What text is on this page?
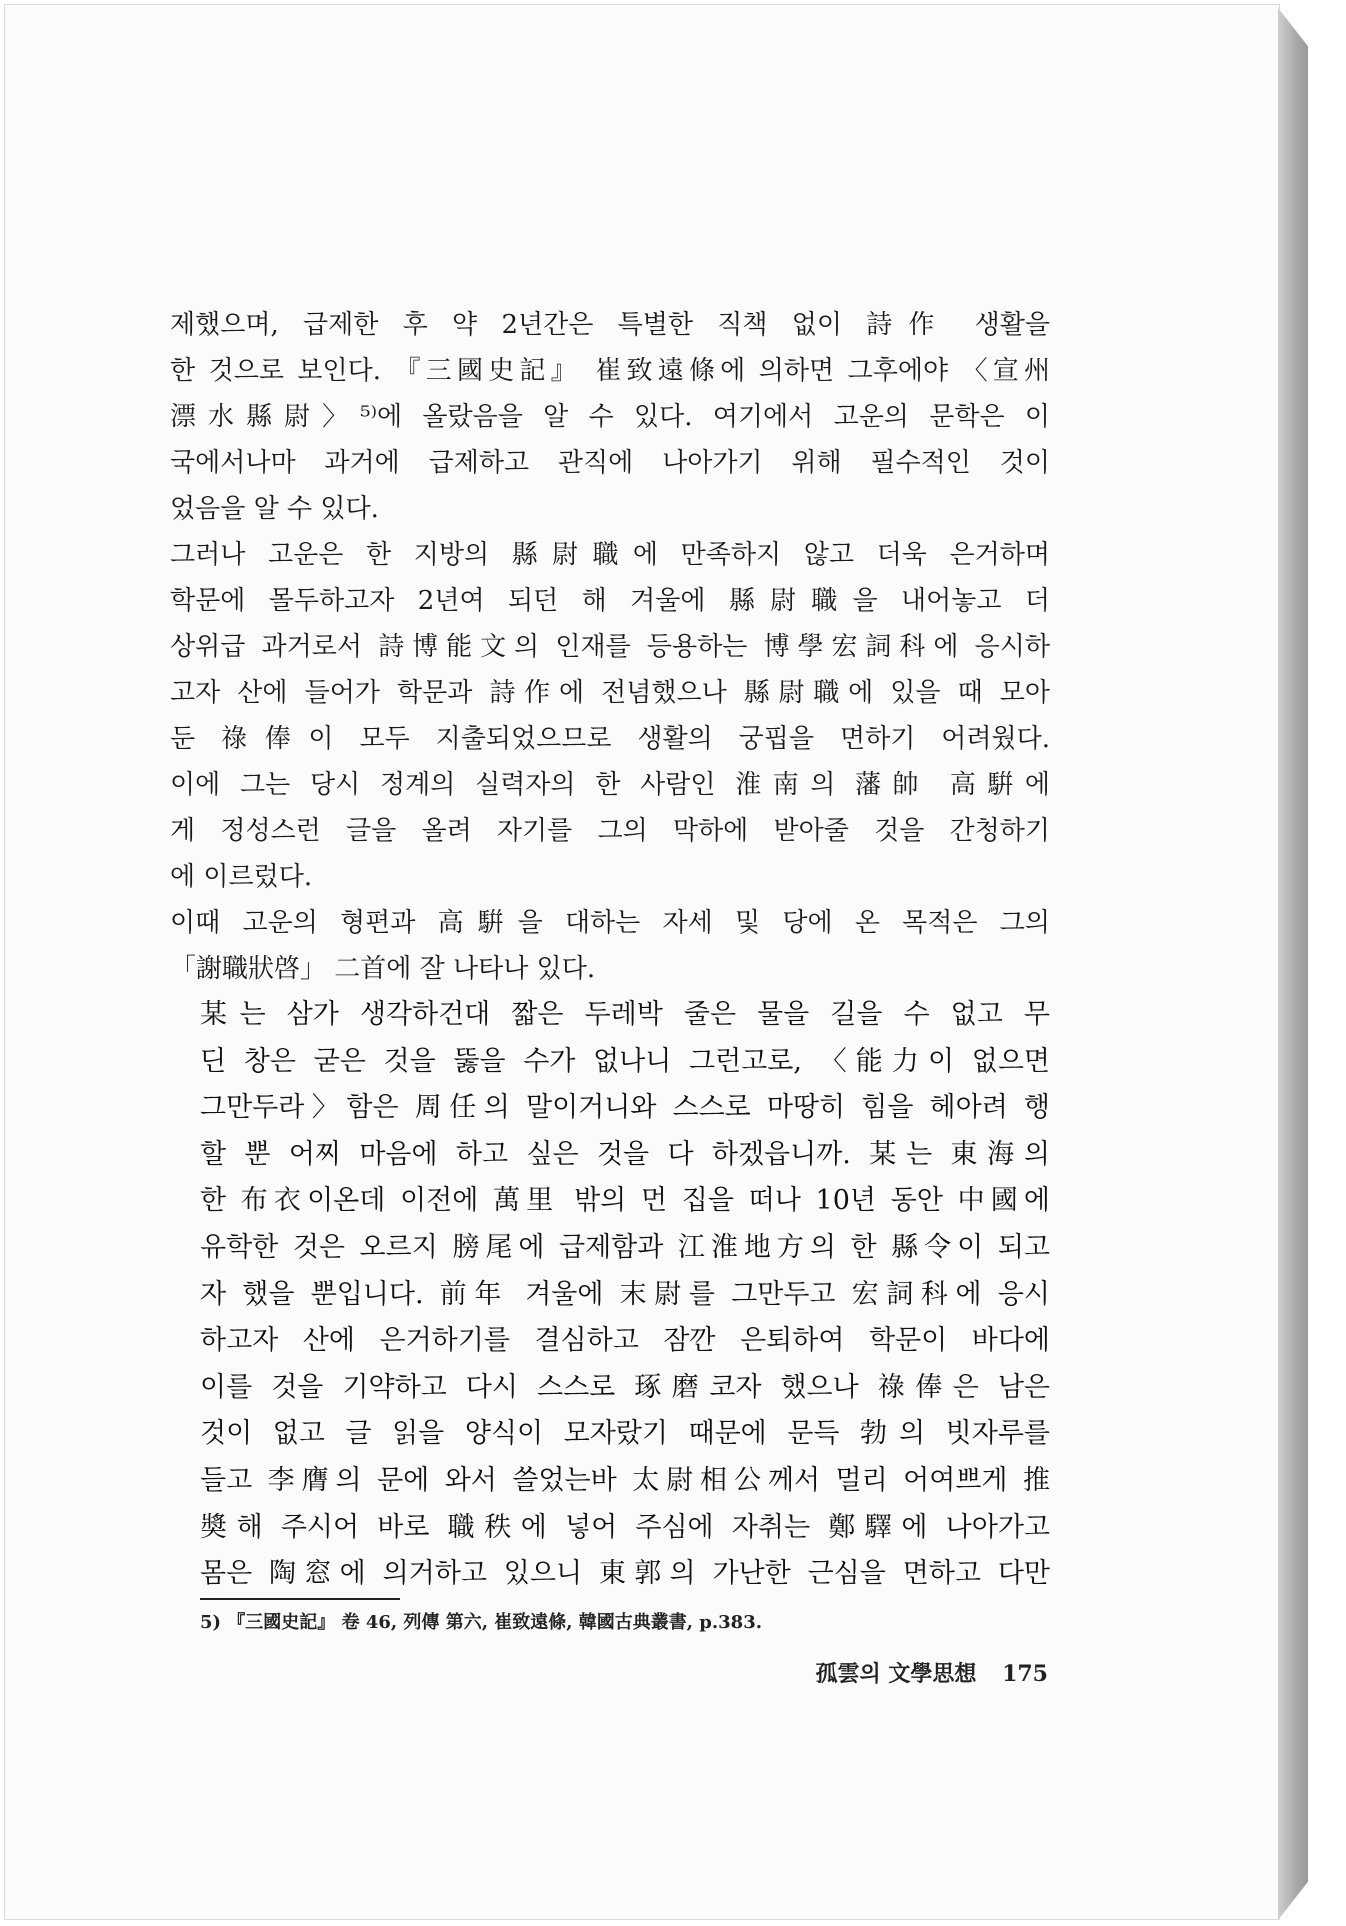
제했으며, 급제한 후 약 2년간은 특별한 직책 없이 詩作 생활을
한 것으로 보인다. 『三國史記』 崔致遠條에 의하면 그후에야 〈宣州
漂水縣尉〉⁵⁾에 올랐음을 알 수 있다. 여기에서 고운의 문학은 이
국에서나마 과거에 급제하고 관직에 나아가기 위해 필수적인 것이
었음을 알 수 있다.
그러나 고운은 한 지방의 縣尉職에 만족하지 않고 더욱 은거하며
학문에 몰두하고자 2년여 되던 해 겨울에 縣尉職을 내어놓고 더
상위급 과거로서 詩博能文의 인재를 등용하는 博學宏詞科에 응시하
고자 산에 들어가 학문과 詩作에 전념했으나 縣尉職에 있을 때 모아
둔 祿俸이 모두 지출되었으므로 생활의 궁핍을 면하기 어려웠다.
이에 그는 당시 정계의 실력자의 한 사람인 淮南의 藩帥 高騈에
게 정성스런 글을 올려 자기를 그의 막하에 받아줄 것을 간청하기
에 이르렀다.
이때 고운의 형편과 高騈을 대하는 자세 및 당에 온 목적은 그의
「謝職狀啓」 二首에 잘 나타나 있다.
某는 삼가 생각하건대 짧은 두레박 줄은 물을 길을 수 없고 무
딘 창은 굳은 것을 뚫을 수가 없나니 그런고로, 〈能力이 없으면
그만두라〉함은 周任의 말이거니와 스스로 마땅히 힘을 헤아려 행
할 뿐 어찌 마음에 하고 싶은 것을 다 하겠읍니까. 某는 東海의
한 布衣이온데 이전에 萬里 밖의 먼 집을 떠나 10년 동안 中國에
유학한 것은 오르지 膀尾에 급제함과 江淮地方의 한 縣令이 되고
자 했을 뿐입니다. 前年 겨울에 末尉를 그만두고 宏詞科에 응시
하고자 산에 은거하기를 결심하고 잠깐 은퇴하여 학문이 바다에
이를 것을 기약하고 다시 스스로 琢磨코자 했으나 祿俸은 남은
것이 없고 글 읽을 양식이 모자랐기 때문에 문득 勃의 빗자루를
들고 李膺의 문에 와서 쓸었는바 太尉相公께서 멀리 어여쁘게 推
奬해 주시어 바로 職秩에 넣어 주심에 자취는 鄭驛에 나아가고
몸은 陶窓에 의거하고 있으니 東郭의 가난한 근심을 면하고 다만
5) 『三國史記』 卷 46, 列傳 第六, 崔致遠條, 韓國古典叢書, p.383.
孤雲의 文學思想 175
